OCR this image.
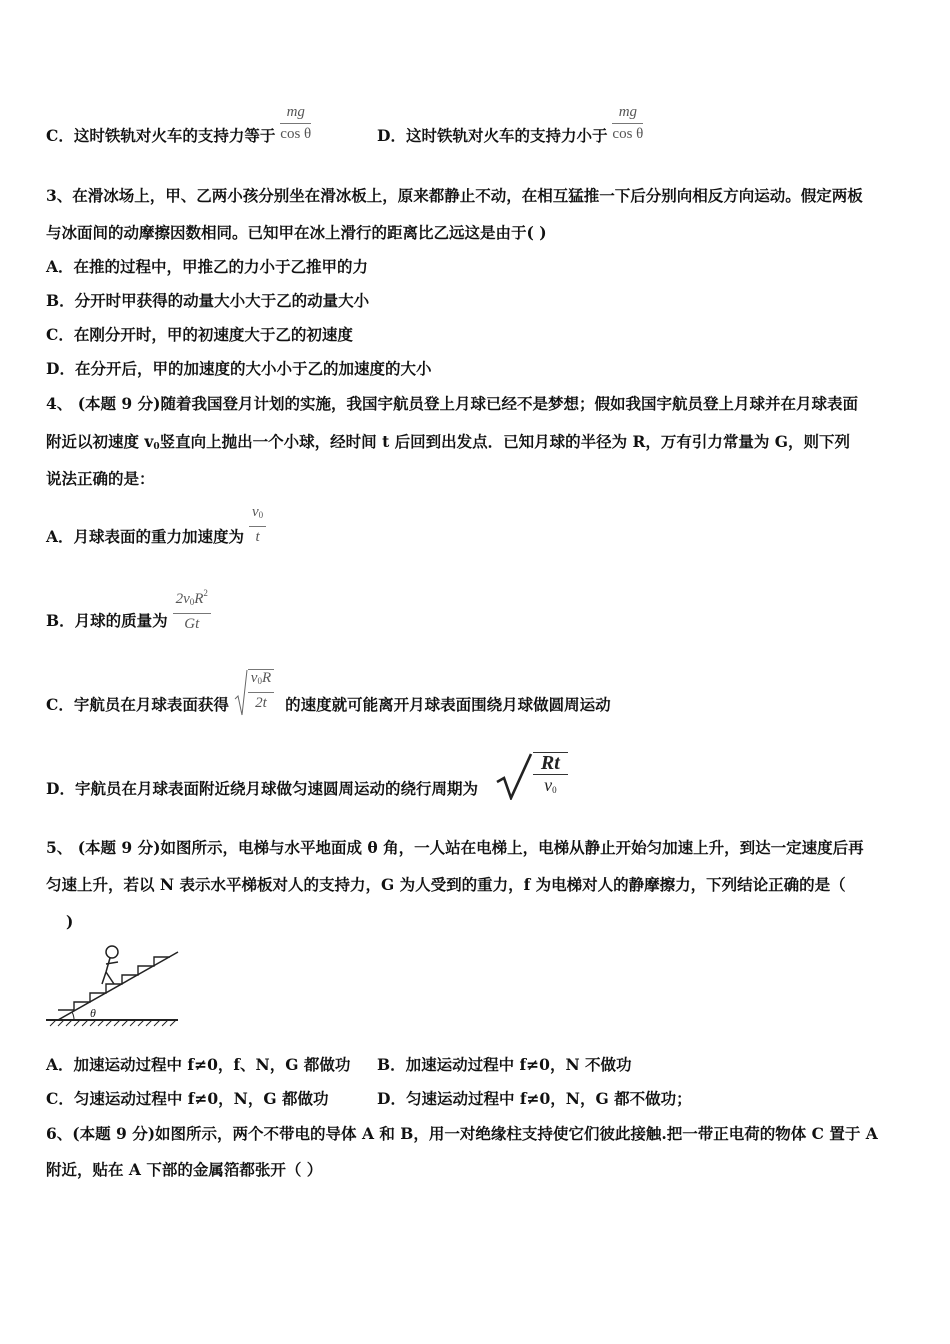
C．这时铁轨对火车的支持力等于 $\frac{mg}{\text{cos θ}}$	D．这时铁轨对火车的支持力小于 $\frac{mg}{\text{cos θ}}$
3、在滑冰场上，甲、乙两小孩分别坐在滑冰板上，原来都静止不动，在相互猛推一下后分别向相反方向运动。假定两板
与冰面间的动摩擦因数相同。已知甲在冰上滑行的距离比乙远这是由于( )
A．在推的过程中，甲推乙的力小于乙推甲的力
B．分开时甲获得的动量大小大于乙的动量大小
C．在刚分开时，甲的初速度大于乙的初速度
D．在分开后，甲的加速度的大小小于乙的加速度的大小
4、 (本题 9 分)随着我国登月计划的实施，我国宇航员登上月球已经不是梦想；假如我国宇航员登上月球并在月球表面
附近以初速度 $v_0$竖直向上抛出一个小球，经时间 t 后回到出发点．已知月球的半径为 R，万有引力常量为 G，则下列
说法正确的是：
A．月球表面的重力加速度为 $\frac{v_0}{t}$
B．月球的质量为 $\frac{2v_0R^2}{Gt}$
C．宇航员在月球表面获得 $\frac{v_0R}{2t}$ 的速度就可能离开月球表面围绕月球做圆周运动
D．宇航员在月球表面附近绕月球做匀速圆周运动的绕行周期为	$\frac{Rt}{v_0}$
5、 (本题 9 分)如图所示，电梯与水平地面成 θ 角，一人站在电梯上，电梯从静止开始匀加速上升，到达一定速度后再
匀速上升，若以 N 表示水平梯板对人的支持力，G 为人受到的重力，f 为电梯对人的静摩擦力，下列结论正确的是（
)
θ
A．加速运动过程中 f≠0，f、N，G 都做功 B．加速运动过程中 f≠0，N 不做功
C．匀速运动过程中 f≠0，N，G 都做功	D．匀速运动过程中 f≠0，N，G 都不做功；
6、(本题 9 分)如图所示，两个不带电的导体 A 和 B，用一对绝缘柱支持使它们彼此接触.把一带正电荷的物体 C 置于 A
附近，贴在 A 下部的金属箔都张开（ ）
